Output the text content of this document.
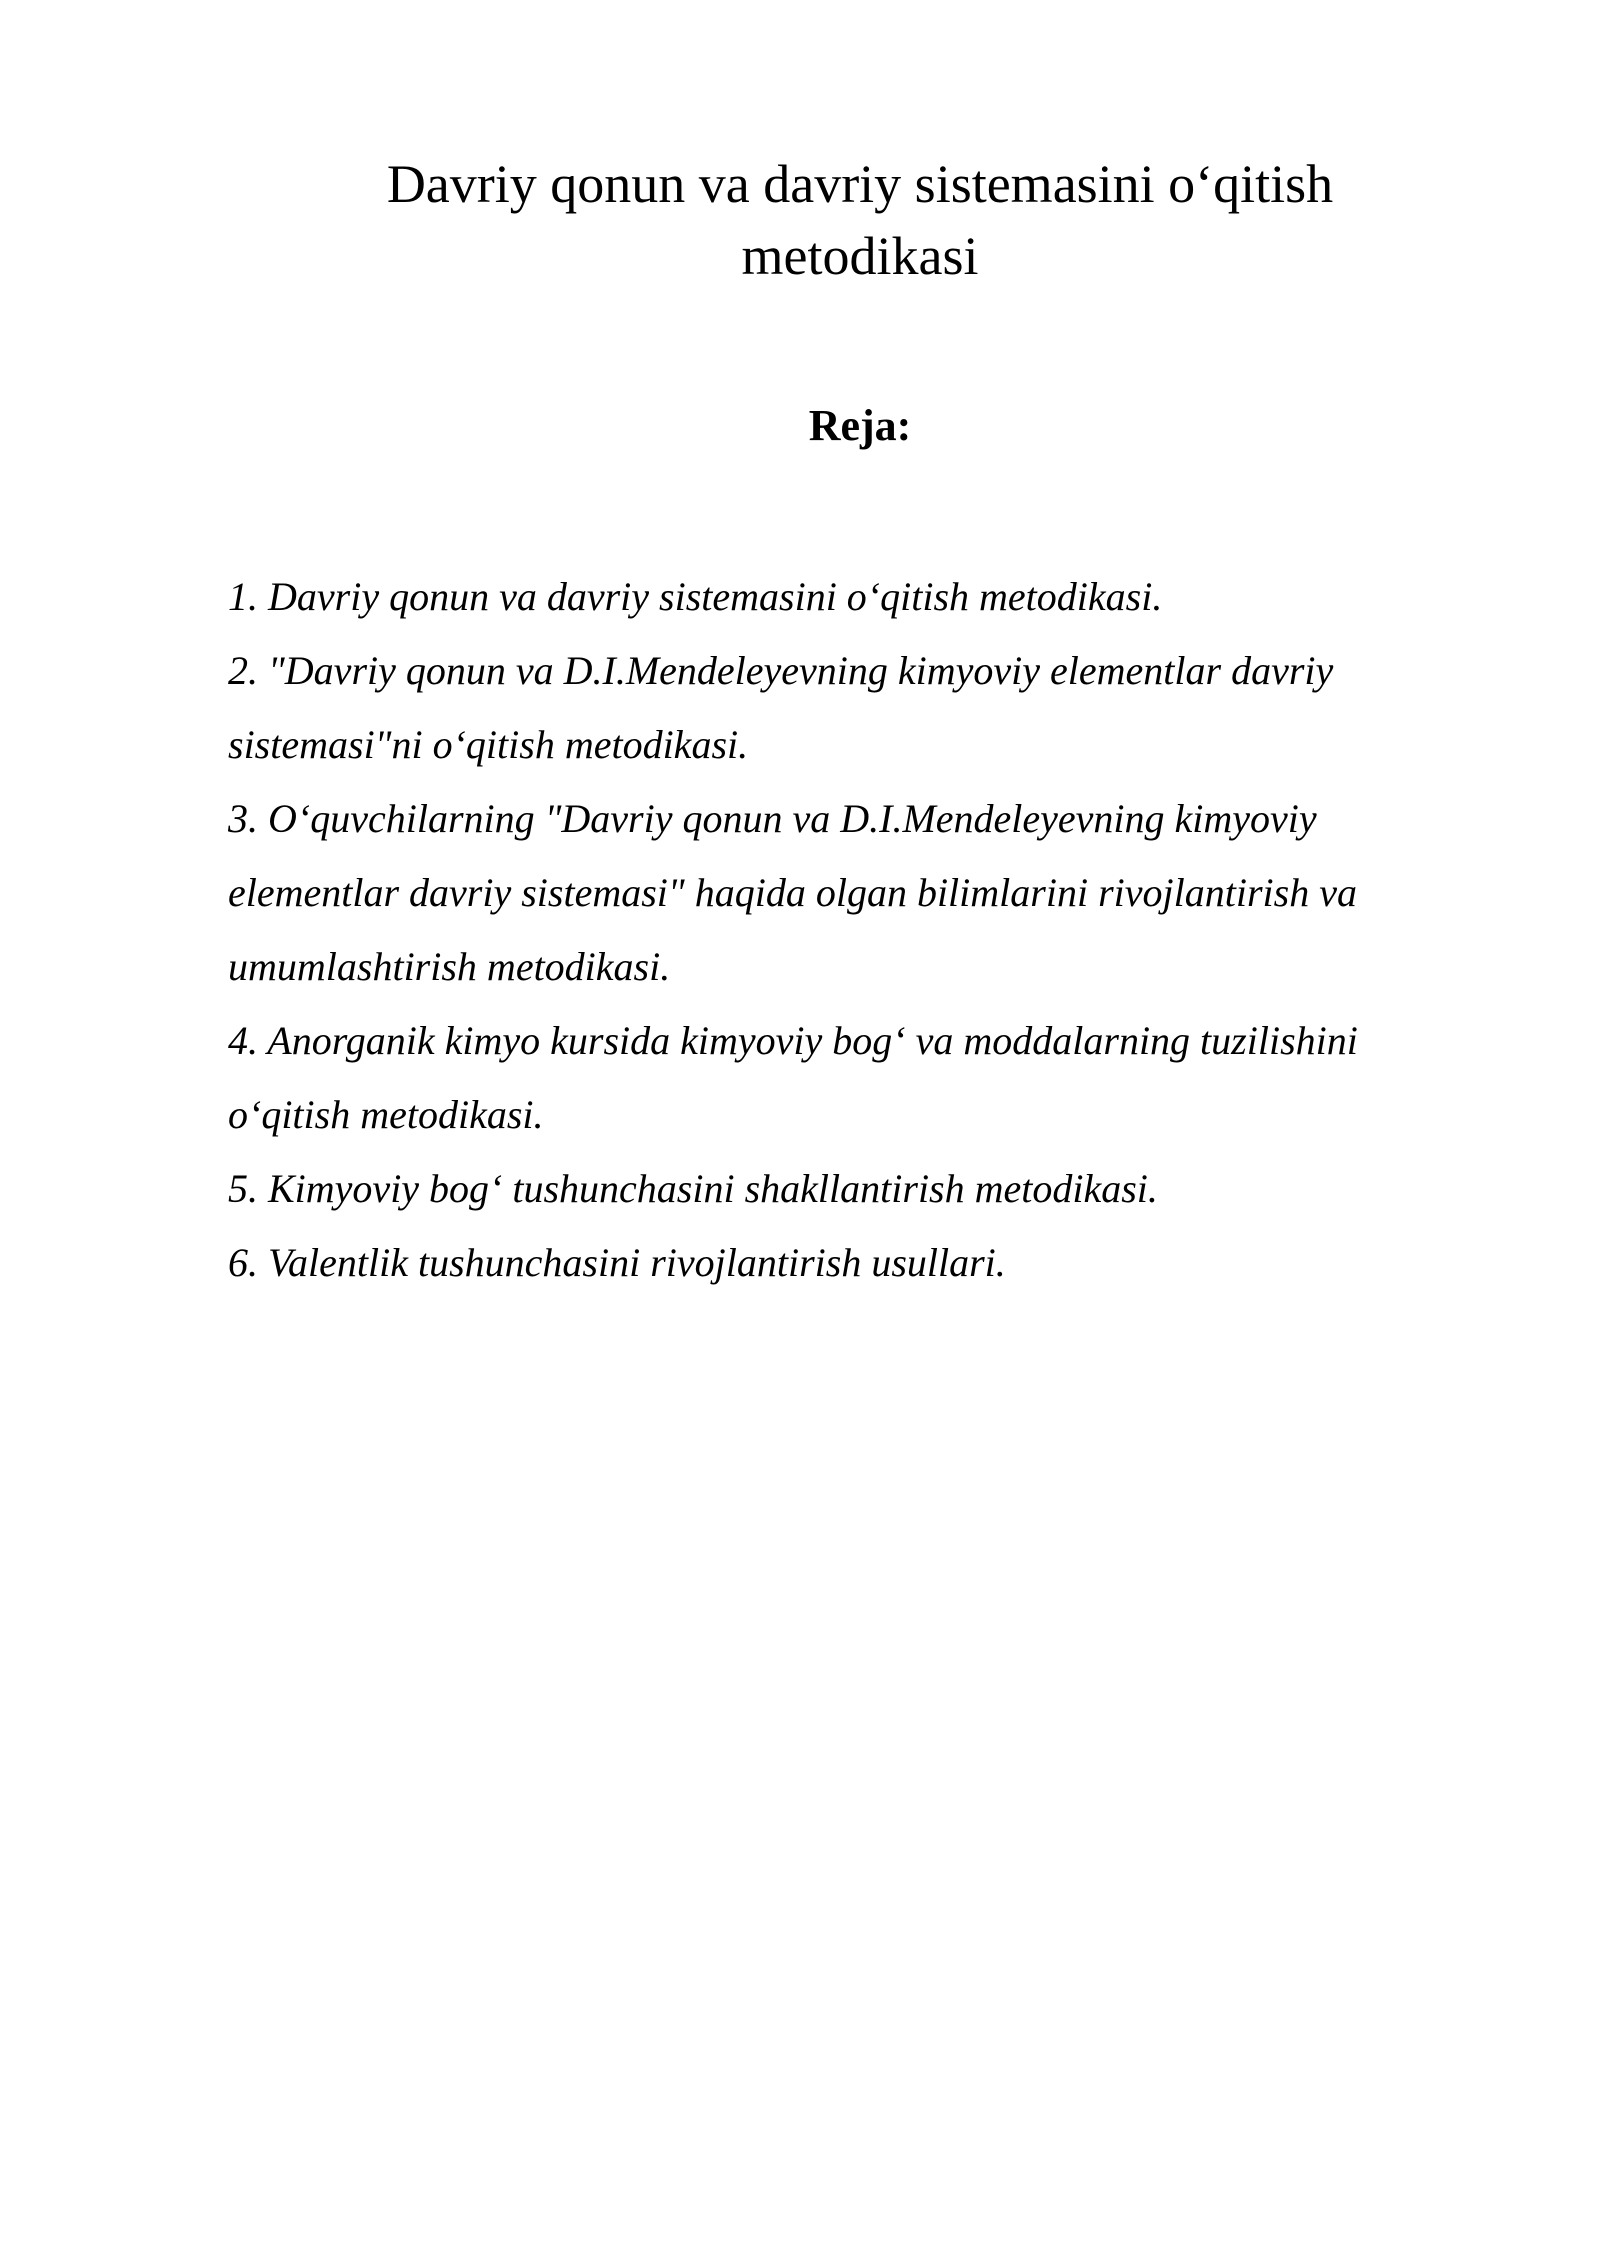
Davriy qonun va davriy sistemasini o‘qitish metodikasi
Reja:
1. Davriy qonun va davriy sistemasini o‘qitish metodikasi.
2. "Davriy qonun va D.I.Mendeleyevning kimyoviy elementlar davriy sistemasi"ni o‘qitish metodikasi.
3. O‘quvchilarning "Davriy qonun va D.I.Mendeleyevning kimyoviy elementlar davriy sistemasi" haqida olgan bilimlarini rivojlantirish va umumlashtirish metodikasi.
4. Anorganik kimyo kursida kimyoviy bog‘ va moddalarning tuzilishini o‘qitish metodikasi.
5. Kimyoviy bog‘ tushunchasini shakllantirish metodikasi.
6. Valentlik tushunchasini rivojlantirish usullari.
